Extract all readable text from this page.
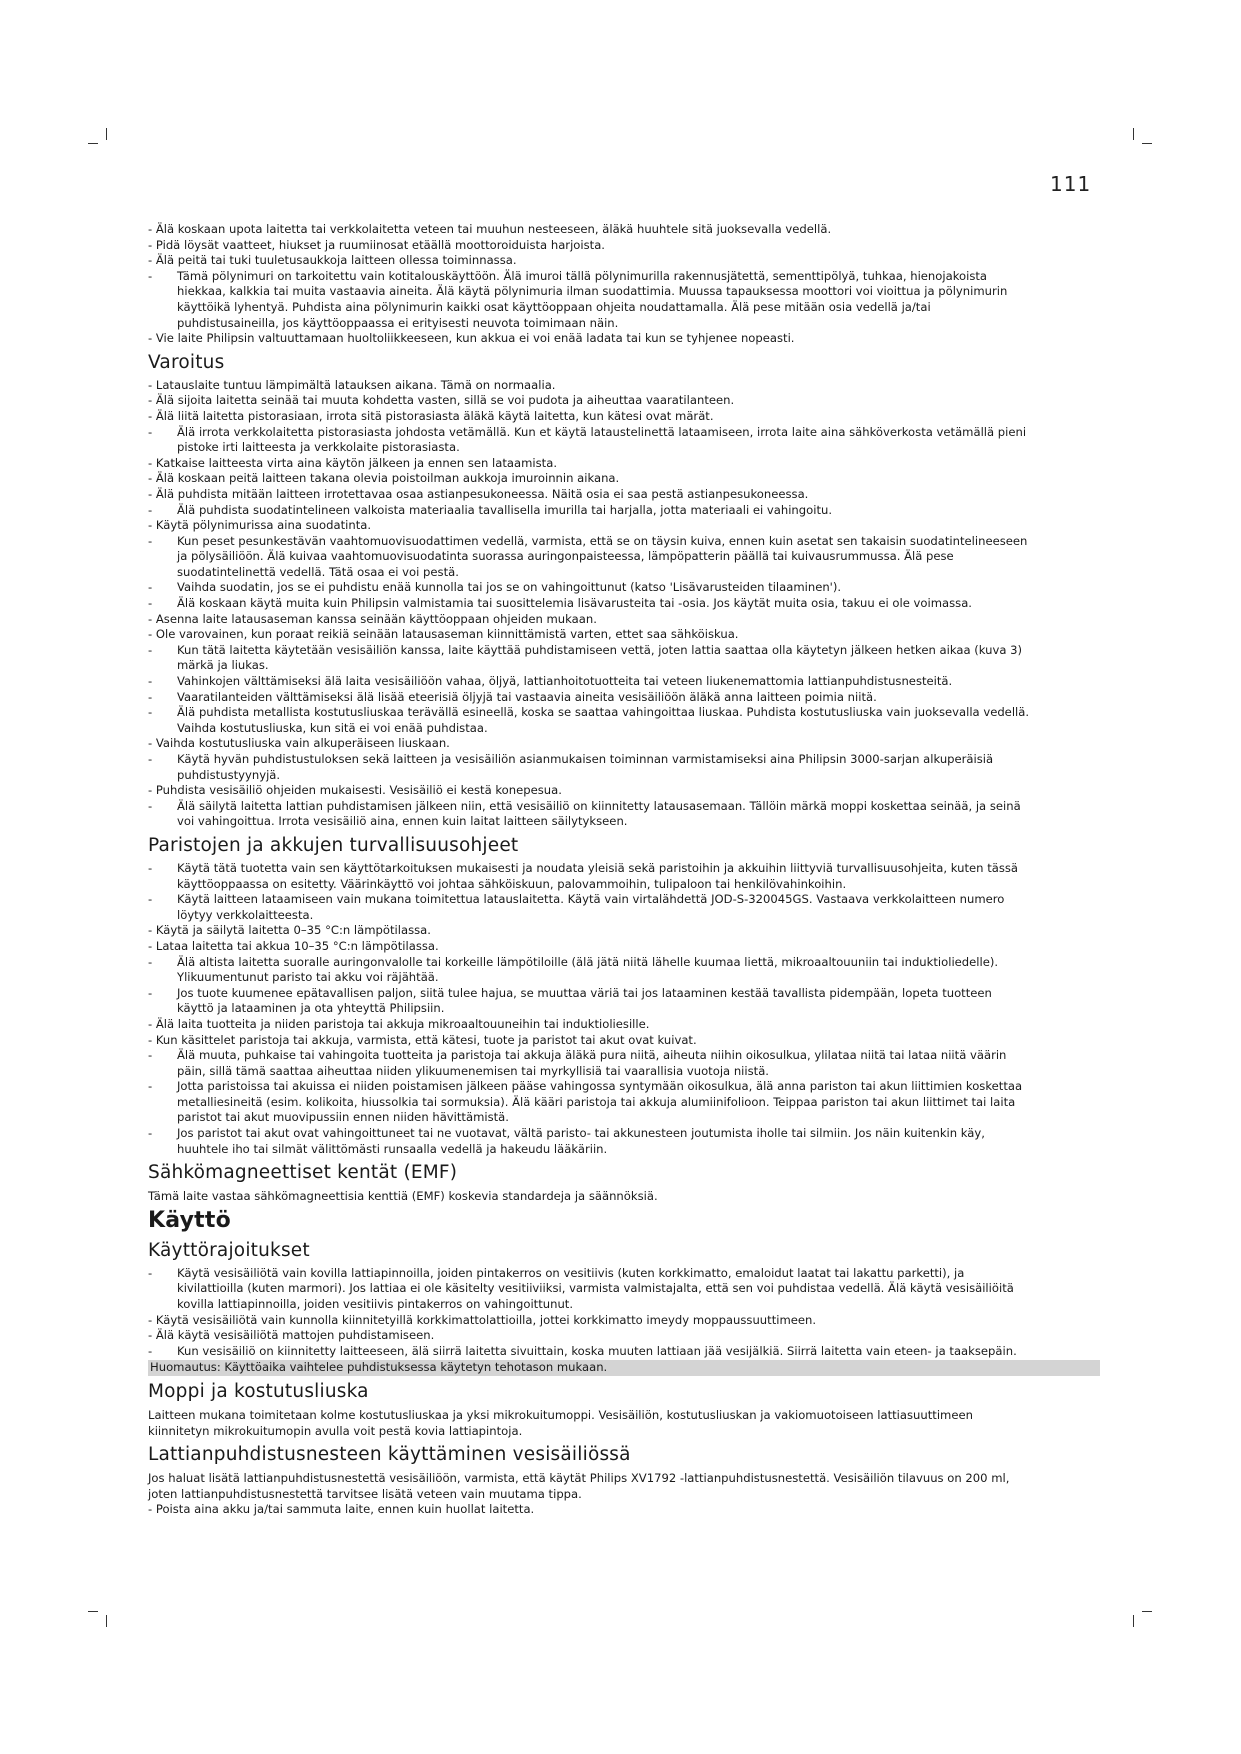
111
- Älä koskaan upota laitetta tai verkkolaitetta veteen tai muuhun nesteeseen, äläkä huuhtele sitä juoksevalla vedellä.
- Pidä löysät vaatteet, hiukset ja ruumiinosat etäällä moottoroiduista harjoista.
- Älä peitä tai tuki tuuletusaukkoja laitteen ollessa toiminnassa.
- Tämä pölynimuri on tarkoitettu vain kotitalouskäyttöön. Älä imuroi tällä pölynimurilla rakennusjätettä, sementtipölyä, tuhkaa, hienojakoista
hiekkaa, kalkkia tai muita vastaavia aineita. Älä käytä pölynimuria ilman suodattimia. Muussa tapauksessa moottori voi vioittua ja pölynimurin
käyttöikä lyhentyä. Puhdista aina pölynimurin kaikki osat käyttöoppaan ohjeita noudattamalla. Älä pese mitään osia vedellä ja/tai
puhdistusaineilla, jos käyttöoppaassa ei erityisesti neuvota toimimaan näin.
- Vie laite Philipsin valtuuttamaan huoltoliikkeeseen, kun akkua ei voi enää ladata tai kun se tyhjenee nopeasti.
Varoitus
- Latauslaite tuntuu lämpimältä latauksen aikana. Tämä on normaalia.
- Älä sijoita laitetta seinää tai muuta kohdetta vasten, sillä se voi pudota ja aiheuttaa vaaratilanteen.
- Älä liitä laitetta pistorasiaan, irrota sitä pistorasiasta äläkä käytä laitetta, kun kätesi ovat märät.
- Älä irrota verkkolaitetta pistorasiasta johdosta vetämällä. Kun et käytä lataustelinettä lataamiseen, irrota laite aina sähköverkosta vetämällä pieni
pistoke irti laitteesta ja verkkolaite pistorasiasta.
- Katkaise laitteesta virta aina käytön jälkeen ja ennen sen lataamista.
- Älä koskaan peitä laitteen takana olevia poistoilman aukkoja imuroinnin aikana.
- Älä puhdista mitään laitteen irrotettavaa osaa astianpesukoneessa. Näitä osia ei saa pestä astianpesukoneessa.
- Älä puhdista suodatintelineen valkoista materiaalia tavallisella imurilla tai harjalla, jotta materiaali ei vahingoitu.
- Käytä pölynimurissa aina suodatinta.
- Kun peset pesunkestävän vaahtomuovisuodattimen vedellä, varmista, että se on täysin kuiva, ennen kuin asetat sen takaisin suodatintelineeseen
ja pölysäiliöön. Älä kuivaa vaahtomuovisuodatinta suorassa auringonpaisteessa, lämpöpatterin päällä tai kuivausrummussa. Älä pese
suodatintelinettä vedellä. Tätä osaa ei voi pestä.
- Vaihda suodatin, jos se ei puhdistu enää kunnolla tai jos se on vahingoittunut (katso 'Lisävarusteiden tilaaminen').
- Älä koskaan käytä muita kuin Philipsin valmistamia tai suosittelemia lisävarusteita tai -osia. Jos käytät muita osia, takuu ei ole voimassa.
- Asenna laite latausaseman kanssa seinään käyttöoppaan ohjeiden mukaan.
- Ole varovainen, kun poraat reikiä seinään latausaseman kiinnittämistä varten, ettet saa sähköiskua.
- Kun tätä laitetta käytetään vesisäiliön kanssa, laite käyttää puhdistamiseen vettä, joten lattia saattaa olla käytetyn jälkeen hetken aikaa (kuva 3)
märkä ja liukas.
- Vahinkojen välttämiseksi älä laita vesisäiliöön vahaa, öljyä, lattianhoitotuotteita tai veteen liukenemattomia lattianpuhdistusnesteitä.
- Vaaratilanteiden välttämiseksi älä lisää eteerisiä öljyjä tai vastaavia aineita vesisäiliöön äläkä anna laitteen poimia niitä.
- Älä puhdista metallista kostutusliuskaa terävällä esineellä, koska se saattaa vahingoittaa liuskaa. Puhdista kostutusliuska vain juoksevalla vedellä.
Vaihda kostutusliuska, kun sitä ei voi enää puhdistaa.
- Vaihda kostutusliuska vain alkuperäiseen liuskaan.
- Käytä hyvän puhdistustuloksen sekä laitteen ja vesisäiliön asianmukaisen toiminnan varmistamiseksi aina Philipsin 3000-sarjan alkuperäisiä
puhdistustyynyjä.
- Puhdista vesisäiliö ohjeiden mukaisesti. Vesisäiliö ei kestä konepesua.
- Älä säilytä laitetta lattian puhdistamisen jälkeen niin, että vesisäiliö on kiinnitetty latausasemaan. Tällöin märkä moppi koskettaa seinää, ja seinä
voi vahingoittua. Irrota vesisäiliö aina, ennen kuin laitat laitteen säilytykseen.
Paristojen ja akkujen turvallisuusohjeet
- Käytä tätä tuotetta vain sen käyttötarkoituksen mukaisesti ja noudata yleisiä sekä paristoihin ja akkuihin liittyviä turvallisuusohjeita, kuten tässä
käyttöoppaassa on esitetty. Väärinkäyttö voi johtaa sähköiskuun, palovammoihin, tulipaloon tai henkilövahinkoihin.
- Käytä laitteen lataamiseen vain mukana toimitettua latauslaitetta. Käytä vain virtalähdettä JOD-S-320045GS. Vastaava verkkolaitteen numero
löytyy verkkolaitteesta.
- Käytä ja säilytä laitetta 0–35 °C:n lämpötilassa.
- Lataa laitetta tai akkua 10–35 °C:n lämpötilassa.
- Älä altista laitetta suoralle auringonvalolle tai korkeille lämpötiloille (älä jätä niitä lähelle kuumaa liettä, mikroaaltouuniin tai induktioliedelle).
Ylikuumentunut paristo tai akku voi räjähtää.
- Jos tuote kuumenee epätavallisen paljon, siitä tulee hajua, se muuttaa väriä tai jos lataaminen kestää tavallista pidempään, lopeta tuotteen
käyttö ja lataaminen ja ota yhteyttä Philipsiin.
- Älä laita tuotteita ja niiden paristoja tai akkuja mikroaaltouuneihin tai induktioliesille.
- Kun käsittelet paristoja tai akkuja, varmista, että kätesi, tuote ja paristot tai akut ovat kuivat.
- Älä muuta, puhkaise tai vahingoita tuotteita ja paristoja tai akkuja äläkä pura niitä, aiheuta niihin oikosulkua, ylilataa niitä tai lataa niitä väärin
päin, sillä tämä saattaa aiheuttaa niiden ylikuumenemisen tai myrkyllisiä tai vaarallisia vuotoja niistä.
- Jotta paristoissa tai akuissa ei niiden poistamisen jälkeen pääse vahingossa syntymään oikosulkua, älä anna pariston tai akun liittimien koskettaa
metalliesineitä (esim. kolikoita, hiussolkia tai sormuksia). Älä kääri paristoja tai akkuja alumiinifolioon. Teippaa pariston tai akun liittimet tai laita
paristot tai akut muovipussiin ennen niiden hävittämistä.
- Jos paristot tai akut ovat vahingoittuneet tai ne vuotavat, vältä paristo- tai akkunesteen joutumista iholle tai silmiin. Jos näin kuitenkin käy,
huuhtele iho tai silmät välittömästi runsaalla vedellä ja hakeudu lääkäriin.
Sähkömagneettiset kentät (EMF)
Tämä laite vastaa sähkömagneettisia kenttiä (EMF) koskevia standardeja ja säännöksiä.
Käyttö
Käyttörajoitukset
- Käytä vesisäiliötä vain kovilla lattiapinnoilla, joiden pintakerros on vesitiivis (kuten korkkimatto, emaloidut laatat tai lakattu parketti), ja
kivilattioilla (kuten marmori). Jos lattiaa ei ole käsitelty vesitiiviiksi, varmista valmistajalta, että sen voi puhdistaa vedellä. Älä käytä vesisäiliöitä
kovilla lattiapinnoilla, joiden vesitiivis pintakerros on vahingoittunut.
- Käytä vesisäiliötä vain kunnolla kiinnitetyillä korkkimattolattioilla, jottei korkkimatto imeydy moppaussuuttimeen.
- Älä käytä vesisäiliötä mattojen puhdistamiseen.
- Kun vesisäiliö on kiinnitetty laitteeseen, älä siirrä laitetta sivuittain, koska muuten lattiaan jää vesijälkiä. Siirrä laitetta vain eteen- ja taaksepäin.
Huomautus: Käyttöaika vaihtelee puhdistuksessa käytetyn tehotason mukaan.
Moppi ja kostutusliuska
Laitteen mukana toimitetaan kolme kostutusliuskaa ja yksi mikrokuitumoppi. Vesisäiliön, kostutusliuskan ja vakiomuotoiseen lattiasuuttimeen
kiinnitetyn mikrokuitumopin avulla voit pestä kovia lattiapintoja.
Lattianpuhdistusnesteen käyttäminen vesisäiliössä
Jos haluat lisätä lattianpuhdistusnestettä vesisäiliöön, varmista, että käytät Philips XV1792 -lattianpuhdistusnestettä. Vesisäiliön tilavuus on 200 ml,
joten lattianpuhdistusnestettä tarvitsee lisätä veteen vain muutama tippa.
- Poista aina akku ja/tai sammuta laite, ennen kuin huollat laitetta.
